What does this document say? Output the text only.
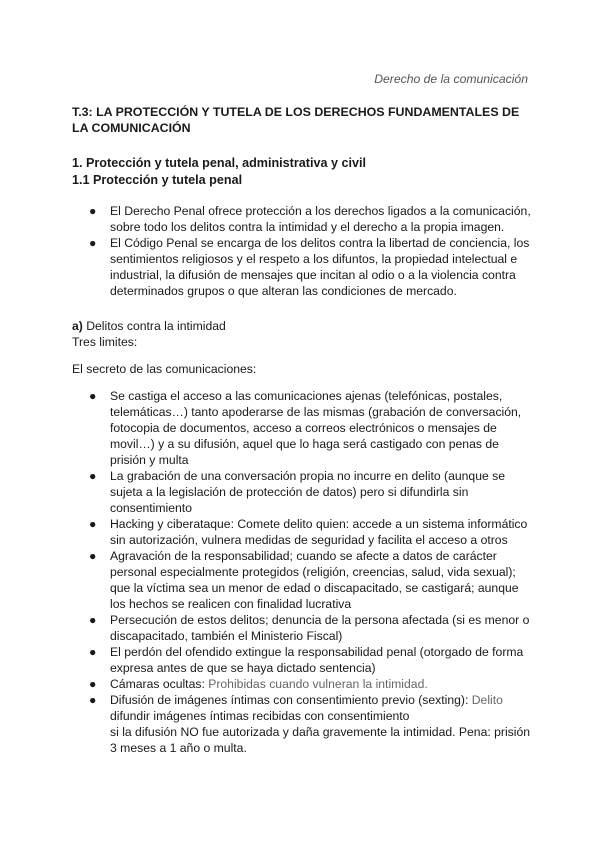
Derecho de la comunicación
T.3: LA PROTECCIÓN Y TUTELA DE LOS DERECHOS FUNDAMENTALES DE LA COMUNICACIÓN
1. Protección y tutela penal, administrativa y civil
1.1 Protección y tutela penal
● El Derecho Penal ofrece protección a los derechos ligados a la comunicación, sobre todo los delitos contra la intimidad y el derecho a la propia imagen.
● El Código Penal se encarga de los delitos contra la libertad de conciencia, los sentimientos religiosos y el respeto a los difuntos, la propiedad intelectual e industrial, la difusión de mensajes que incitan al odio o a la violencia contra determinados grupos o que alteran las condiciones de mercado.
a) Delitos contra la intimidad
Tres limites:
El secreto de las comunicaciones:
● Se castiga el acceso a las comunicaciones ajenas (telefónicas, postales, telemáticas…) tanto apoderarse de las mismas (grabación de conversación, fotocopia de documentos, acceso a correos electrónicos o mensajes de movil…) y a su difusión, aquel que lo haga será castigado con penas de prisión y multa
● La grabación de una conversación propia no incurre en delito (aunque se sujeta a la legislación de protección de datos) pero si difundirla sin consentimiento
● Hacking y ciberataque: Comete delito quien: accede a un sistema informático sin autorización, vulnera medidas de seguridad y facilita el acceso a otros
● Agravación de la responsabilidad; cuando se afecte a datos de carácter personal especialmente protegidos (religión, creencias, salud, vida sexual); que la víctima sea un menor de edad o discapacitado, se castigará; aunque los hechos se realicen con finalidad lucrativa
● Persecución de estos delitos; denuncia de la persona afectada (si es menor o discapacitado, también el Ministerio Fiscal)
● El perdón del ofendido extingue la responsabilidad penal (otorgado de forma expresa antes de que se haya dictado sentencia)
● Cámaras ocultas: Prohibidas cuando vulneran la intimidad.
● Difusión de imágenes íntimas con consentimiento previo (sexting): Delito
difundir imágenes íntimas recibidas con consentimiento
si la difusión NO fue autorizada y daña gravemente la intimidad. Pena: prisión 3 meses a 1 año o multa.
